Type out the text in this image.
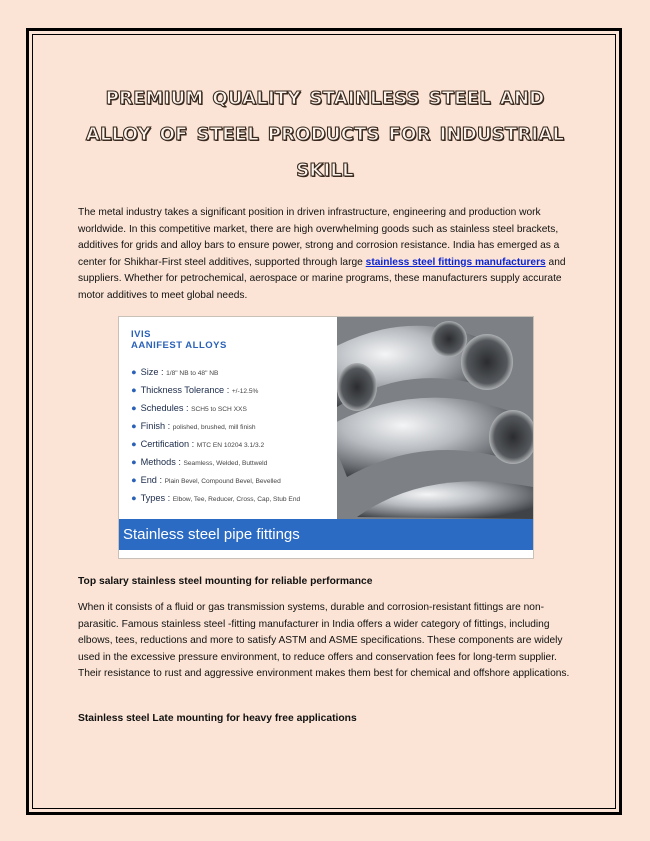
premium quality stainless steel and alloy of steel products for industrial skill

The metal industry takes a significant position in driven infrastructure, engineering and production work worldwide. In this competitive market, there are high overwhelming goods such as stainless steel brackets, additives for grids and alloy bars to ensure power, strong and corrosion resistance. India has emerged as a center for Shikhar-First steel additives, supported through large stainless steel fittings manufacturers and suppliers. Whether for petrochemical, aerospace or marine programs, these manufacturers supply accurate motor additives to meet global needs.

IVIS
AANIFEST ALLOYS
● Size : 1/8" NB to 48" NB
● Thickness Tolerance : +/-12.5%
● Schedules : SCH5 to SCH XXS
● Finish : polished, brushed, mill finish
● Certification : MTC EN 10204 3.1/3.2
● Methods : Seamless, Welded, Buttweld
● End : Plain Bevel, Compound Bevel, Bevelled
● Types : Elbow, Tee, Reducer, Cross, Cap, Stub End
Stainless steel pipe fittings

Top salary stainless steel mounting for reliable performance

When it consists of a fluid or gas transmission systems, durable and corrosion-resistant fittings are non-parasitic. Famous stainless steel -fitting manufacturer in India offers a wider category of fittings, including elbows, tees, reductions and more to satisfy ASTM and ASME specifications. These components are widely used in the excessive pressure environment, to reduce offers and conservation fees for long-term supplier. Their resistance to rust and aggressive environment makes them best for chemical and offshore applications.

Stainless steel Late mounting for heavy free applications
